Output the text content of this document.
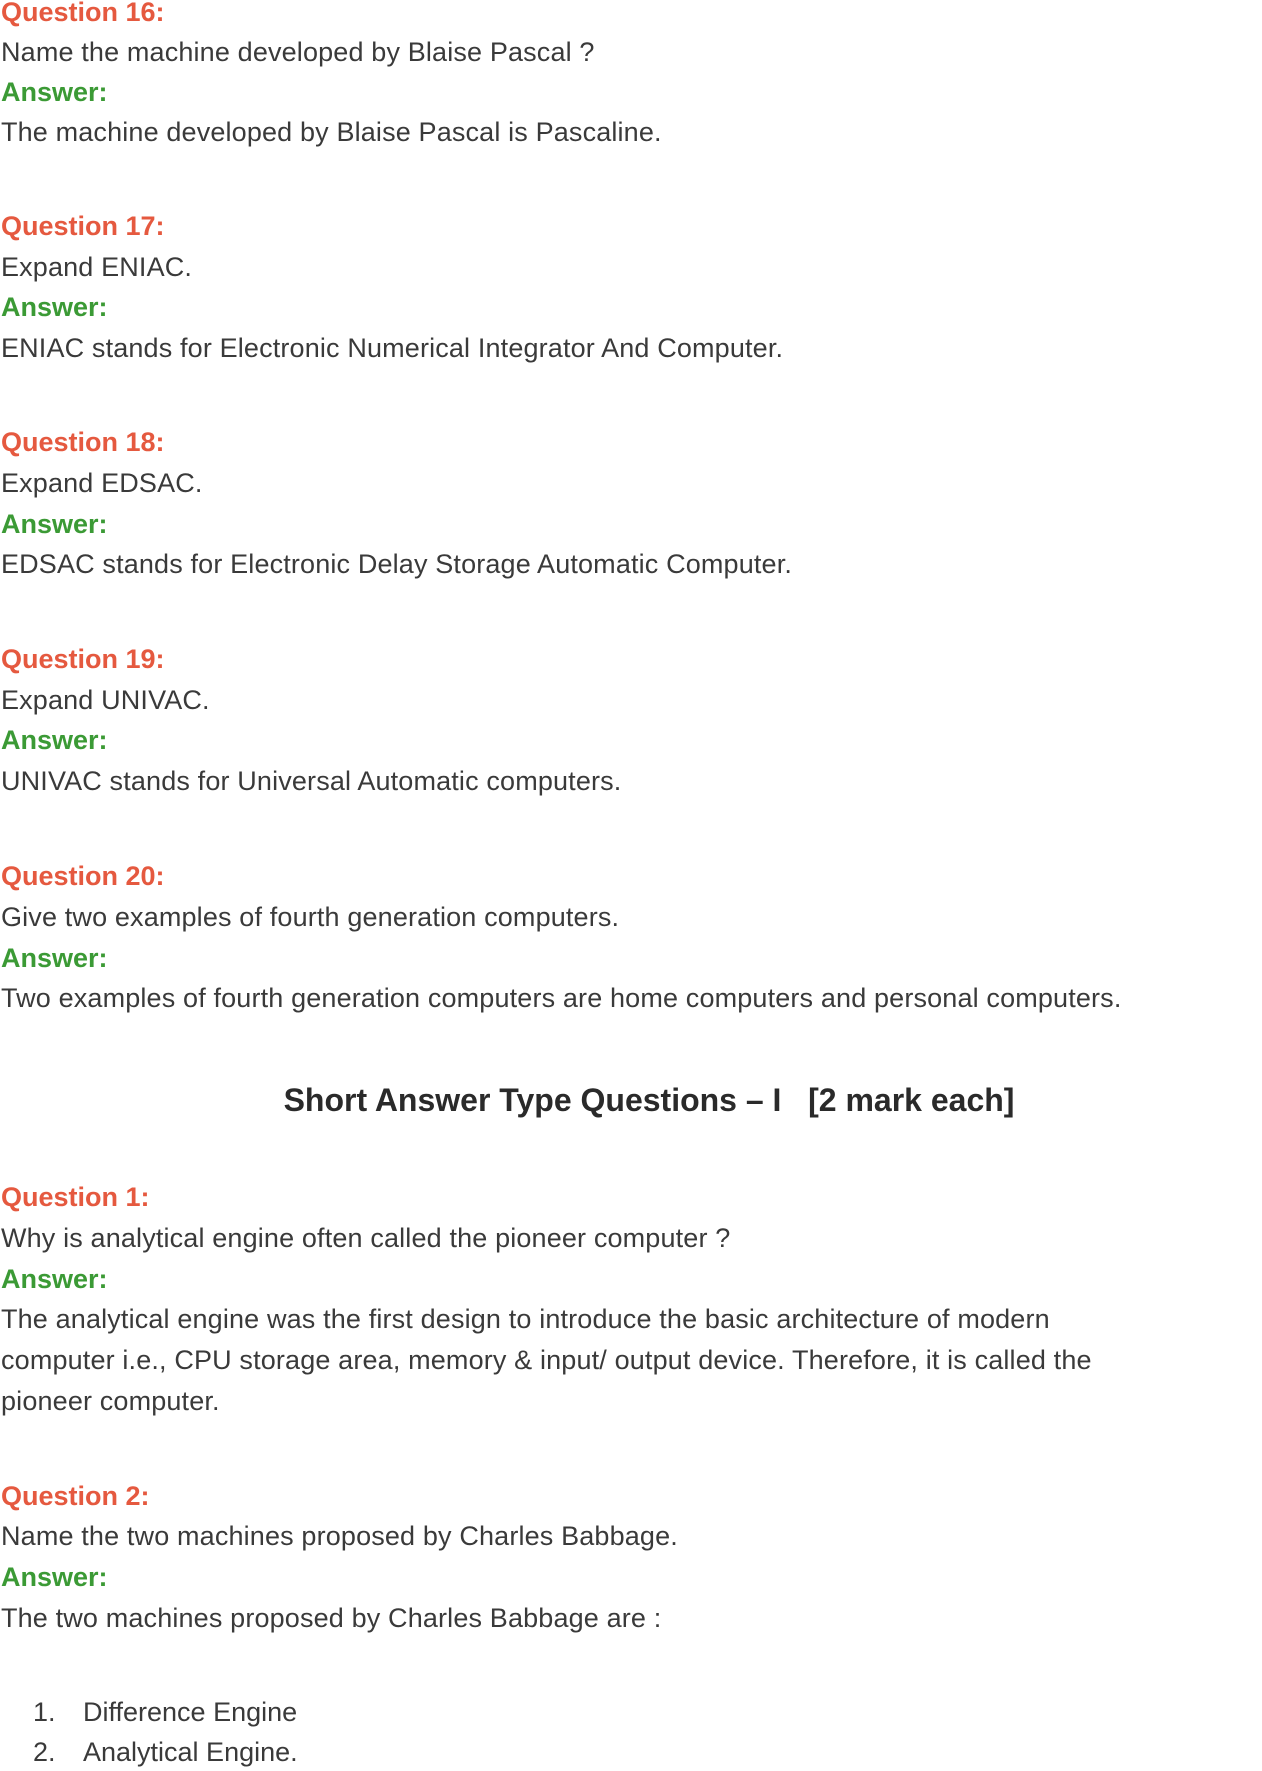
Question 16:
Name the machine developed by Blaise Pascal ?
Answer:
The machine developed by Blaise Pascal is Pascaline.
Question 17:
Expand ENIAC.
Answer:
ENIAC stands for Electronic Numerical Integrator And Computer.
Question 18:
Expand EDSAC.
Answer:
EDSAC stands for Electronic Delay Storage Automatic Computer.
Question 19:
Expand UNIVAC.
Answer:
UNIVAC stands for Universal Automatic computers.
Question 20:
Give two examples of fourth generation computers.
Answer:
Two examples of fourth generation computers are home computers and personal computers.
Short Answer Type Questions – I   [2 mark each]
Question 1:
Why is analytical engine often called the pioneer computer ?
Answer:
The analytical engine was the first design to introduce the basic architecture of modern
computer i.e., CPU storage area, memory & input/ output device. Therefore, it is called the
pioneer computer.
Question 2:
Name the two machines proposed by Charles Babbage.
Answer:
The two machines proposed by Charles Babbage are :
1. Difference Engine
2. Analytical Engine.
